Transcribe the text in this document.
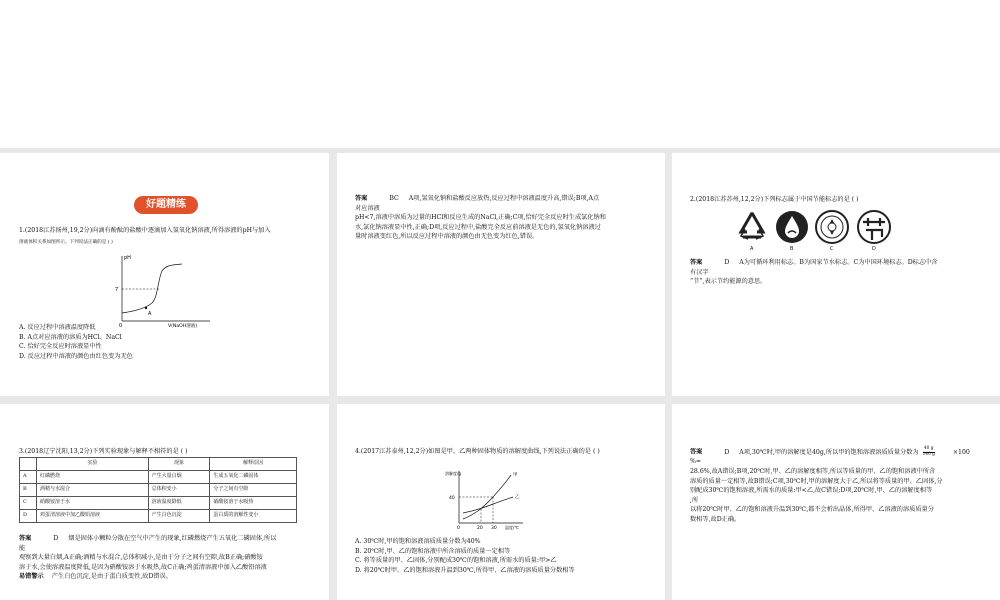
好题精练
1.(2018江苏扬州,19,2分)向滴有酚酞的盐酸中逐滴加入氢氧化钠溶液,所得溶液的pH与加入
溶液体积关系如图所示。下列说法正确的是 ( )
pH
7
0
A
V(NaOH溶液)
A. 反应过程中溶液温度降低
B. A点对应溶液的溶质为HCl、NaCl
C. 恰好完全反应时溶液显中性
D. 反应过程中溶液的颜色由红色变为无色
答案	BC A项,氢氧化钠和盐酸反应放热,反应过程中溶液温度升高,错误;B项,A点
对应溶液
pH<7,溶液中溶质为过量的HCl和反应生成的NaCl,正确;C项,恰好完全反应时生成氯化钠和
水,氯化钠溶液显中性,正确;D项,反应过程中,盐酸完全反应前溶液是无色的,氢氧化钠溶液过
量时溶液变红色,所以反应过程中溶液的颜色由无色变为红色,错误。
2.(2018江苏苏州,12,2分)下列标志属于中国节能标志的是 ( )
A	B	C	D
答案	D A为可循环利用标志。B为国家节水标志。C为中国环境标志。D标志中含
有汉字
“节”,表示节约能源的意思。
3.(2018辽宁沈阳,13,2分)下列实验现象与解释不相符的是 ( )
	实验	现象	解释原因
A	红磷燃烧	产生大量白烟	生成五氧化二磷固体
B	酒精与水混合	总体积变小	分子之间有空隙
C	硝酸铵溶于水	溶液温度降低	硝酸铵溶于水吸热
D	鸡蛋清溶液中加乙酸铅溶液	产生白色沉淀	蛋白质的溶解性变小
答案	D 烟是固体小颗粒分散在空气中产生的现象,红磷燃烧产生五氧化二磷固体,所以
能
观察到大量白烟,A正确;酒精与水混合,总体积减小,是由于分子之间有空隙,故B正确;硝酸铵
溶于水,会使溶液温度降低,是因为硝酸铵溶于水吸热,故C正确;鸡蛋清溶液中加入乙酸铅溶液
易错警示 产生白色沉淀,是由于蛋白质变性,故D错误。
4.(2017江苏泰州,12,2分)如图是甲、乙两种固体物质的溶解度曲线,下列说法正确的是 ( )
溶解度/g
40
0	20 30 温度/℃
甲
乙
A. 30℃时,甲的饱和溶液溶质质量分数为40%
B. 20℃时,甲、乙的饱和溶液中所含溶质的质量一定相等
C. 将等质量的甲、乙固体,分别配成30℃的饱和溶液,所需水的质量:甲>乙
D. 将20℃时甲、乙的饱和溶液升温到30℃,所得甲、乙溶液的溶质质量分数相等
答案	D A项,30℃时,甲的溶解度是40g,所以甲的饱和溶液溶质质量分数为 $\frac{40 g}{140 g}$	×100
%≈
28.6%,故A错误;B项,20℃时,甲、乙的溶解度相等,所以等质量的甲、乙的饱和溶液中所含
溶质的质量一定相等,故B错误;C项,30℃时,甲的溶解度大于乙,所以将等质量的甲、乙固体,分
别配成30℃的饱和溶液,所需水的质量:甲<乙,故C错误;D项,20℃时,甲、乙的溶解度相等
,所
以将20℃时甲、乙的饱和溶液升温到30℃,都不会析出晶体,所得甲、乙溶液的溶质质量分
数相等,故D正确。
